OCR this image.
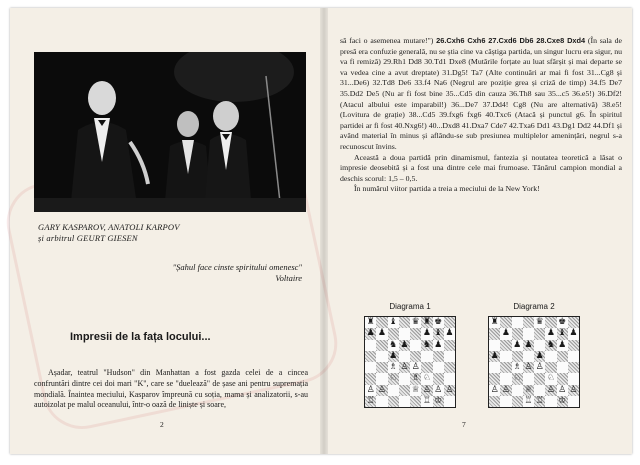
GARY KASPAROV, ANATOLI KARPOV
și arbitrul GEURT GIESEN
"Șahul face cinste spiritului omenesc"
Voltaire
Impresii de la fața locului...
Așadar, teatrul "Hudson" din Manhattan a fost gazda celei de a cincea confruntări dintre cei doi mari "K", care se "duelează" de șase ani pentru supremația mondială. Înaintea meciului, Kasparov împreună cu soția, mama și analizatorii, s-au autoizolat pe malul oceanului, într-o oază de liniște și soare,
2

să faci o asemenea mutare!") 26.Cxh6 Cxh6 27.Cxd6 Db6 28.Cxe8 Dxd4 (În sala de presă era confuzie generală, nu se știa cine va câștiga partida, un singur lucru era sigur, nu va fi remiză) 29.Rh1 Dd8 30.Td1 Dxe8 (Mutările forțate au luat sfârșit și mai departe se va vedea cine a avut dreptate) 31.Dg5! Ta7 (Alte continuări ar mai fi fost 31...Cg8 și 31...De6) 32.Td8 De6 33.f4 Na6 (Negrul are poziție grea și criză de timp) 34.f5 De7 35.Dd2 De5 (Nu ar fi fost bine 35...Cd5 din cauza 36.Th8 sau 35...c5 36.e5!) 36.Df2! (Atacul albului este imparabil!) 36...De7 37.Dd4! Cg8 (Nu are alternativă) 38.e5! (Lovitura de grație) 38...Cd5 39.fxg6 fxg6 40.Txc6 (Atacă și punctul g6. În spiritul partidei ar fi fost 40.Nxg6!) 40...Dxd8 41.Dxa7 Cde7 42.Txa6 Dd1 43.Dg1 Dd2 44.Df1 și având material în minus și aflându-se sub presiunea multiplelor amenințări, negrul s-a recunoscut învins.

Această a doua partidă prin dinamismul, fantezia și noutatea teoretică a lăsat o impresie deosebită și a fost una dintre cele mai frumoase. Tânărul campion mondial a deschis scorul: 1,5 – 0,5.

În numărul viitor partida a treia a meciului de la New York!

Diagrama 1
♜ ♝ ♛ ♜ ♚
♟ ♟	♟ ♝ ♟
♞ ♟ ♞ ♟
♟
♗ ♙ ♙
♘ ♗ ♘
♙ ♙	♕ ♙ ♙ ♙
♖	♖ ♔
Diagrama 2
♜	♛ ♚
♟	♟ ♝ ♟
♟ ♟ ♞ ♟
♟	♟
♗ ♙ ♙
♘	♘
♙ ♙ ♕ ♙ ♙ ♙
♖ ♖ ♔
7
